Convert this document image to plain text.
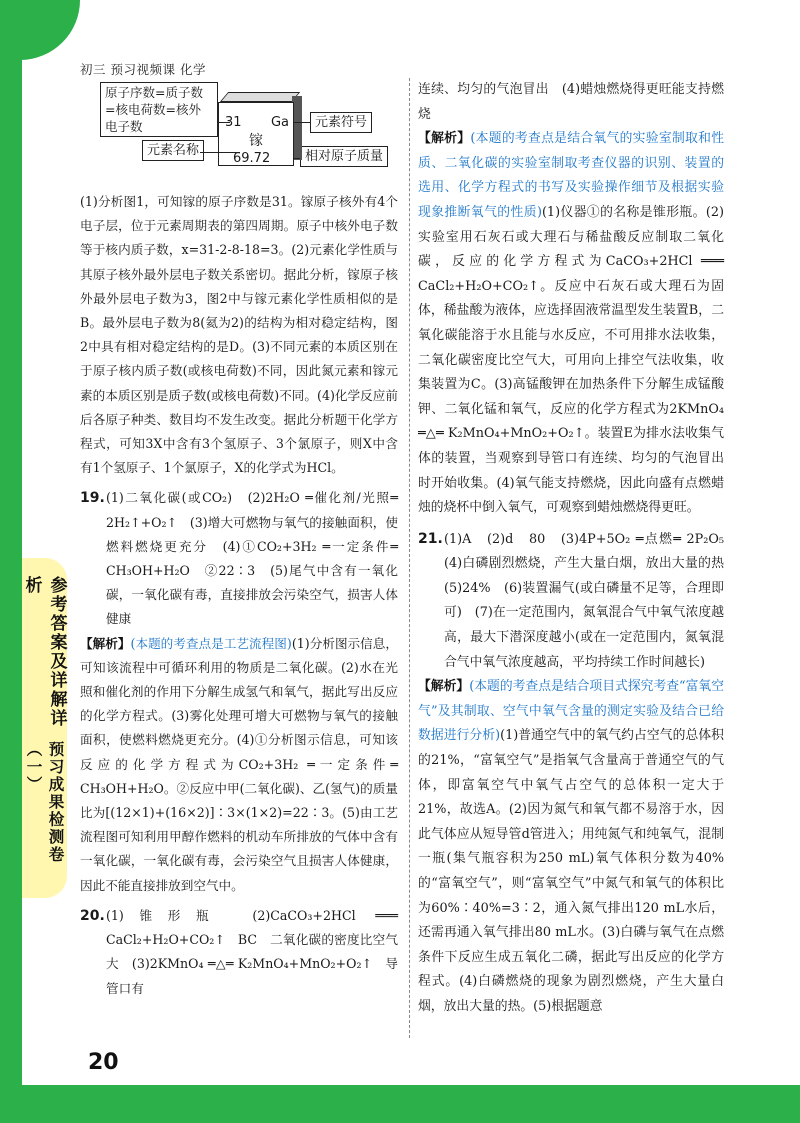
初三 预习视频课 化学
参考答案及详解详析
预习成果检测卷（一）
原子序数=质子数=核电荷数=核外电子数
元素名称
元素符号
相对原子质量
31 Ga
镓
69.72

(1)分析图1，可知镓的原子序数是31。镓原子核外有4个电子层，位于元素周期表的第四周期。原子中核外电子数等于核内质子数，x=31-2-8-18=3。(2)元素化学性质与其原子核外最外层电子数关系密切。据此分析，镓原子核外最外层电子数为3，图2中与镓元素化学性质相似的是B。最外层电子数为8(氦为2)的结构为相对稳定结构，图2中具有相对稳定结构的是D。(3)不同元素的本质区别在于原子核内质子数(或核电荷数)不同，因此氮元素和镓元素的本质区别是质子数(或核电荷数)不同。(4)化学反应前后各原子种类、数目均不发生改变。据此分析题干化学方程式，可知3X中含有3个氢原子、3个氯原子，则X中含有1个氢原子、1个氯原子，X的化学式为HCl。

19.(1)二氧化碳(或CO₂)　(2)2H₂O ═催化剂/光照═ 2H₂↑+O₂↑　(3)增大可燃物与氧气的接触面积，使燃料燃烧更充分　(4)①CO₂+3H₂ ═一定条件═ CH₃OH+H₂O　②22∶3　(5)尾气中含有一氧化碳，一氧化碳有毒，直接排放会污染空气，损害人体健康

【解析】(本题的考查点是工艺流程图)(1)分析图示信息，可知该流程中可循环利用的物质是二氧化碳。(2)水在光照和催化剂的作用下分解生成氢气和氧气，据此写出反应的化学方程式。(3)雾化处理可增大可燃物与氧气的接触面积，使燃料燃烧更充分。(4)①分析图示信息，可知该反应的化学方程式为CO₂+3H₂ ═一定条件═ CH₃OH+H₂O。②反应中甲(二氧化碳)、乙(氢气)的质量比为[(12×1)+(16×2)]∶3×(1×2)=22∶3。(5)由工艺流程图可知利用甲醇作燃料的机动车所排放的气体中含有一氧化碳，一氧化碳有毒，会污染空气且损害人体健康，因此不能直接排放到空气中。

20.(1)锥形瓶　(2)CaCO₃+2HCl ═══ CaCl₂+H₂O+CO₂↑　BC　二氧化碳的密度比空气大　(3)2KMnO₄ ═△═ K₂MnO₄+MnO₂+O₂↑　导管口有

连续、均匀的气泡冒出　(4)蜡烛燃烧得更旺能支持燃烧

【解析】(本题的考查点是结合氧气的实验室制取和性质、二氧化碳的实验室制取考查仪器的识别、装置的选用、化学方程式的书写及实验操作细节及根据实验现象推断氧气的性质)(1)仪器①的名称是锥形瓶。(2)实验室用石灰石或大理石与稀盐酸反应制取二氧化碳，反应的化学方程式为CaCO₃+2HCl ═══ CaCl₂+H₂O+CO₂↑。反应中石灰石或大理石为固体，稀盐酸为液体，应选择固液常温型发生装置B，二氧化碳能溶于水且能与水反应，不可用排水法收集，二氧化碳密度比空气大，可用向上排空气法收集，收集装置为C。(3)高锰酸钾在加热条件下分解生成锰酸钾、二氧化锰和氧气，反应的化学方程式为2KMnO₄ ═△═ K₂MnO₄+MnO₂+O₂↑。装置E为排水法收集气体的装置，当观察到导管口有连续、均匀的气泡冒出时开始收集。(4)氧气能支持燃烧，因此向盛有点燃蜡烛的烧杯中倒入氧气，可观察到蜡烛燃烧得更旺。

21.(1)A　(2)d　80　(3)4P+5O₂ ═点燃═ 2P₂O₅　(4)白磷剧烈燃烧，产生大量白烟，放出大量的热　(5)24%　(6)装置漏气(或白磷量不足等，合理即可)　(7)在一定范围内，氮氧混合气中氧气浓度越高，最大下潜深度越小(或在一定范围内，氮氧混合气中氧气浓度越高，平均持续工作时间越长)

【解析】(本题的考查点是结合项目式探究考查“富氧空气”及其制取、空气中氧气含量的测定实验及结合已给数据进行分析)(1)普通空气中的氧气约占空气的总体积的21%，“富氧空气”是指氧气含量高于普通空气的气体，即富氧空气中氧气占空气的总体积一定大于21%，故选A。(2)因为氮气和氧气都不易溶于水，因此气体应从短导管d管进入；用纯氮气和纯氧气，混制一瓶(集气瓶容积为250 mL)氧气体积分数为40%的“富氧空气”，则“富氧空气”中氮气和氧气的体积比为60%∶40%=3∶2，通入氮气排出120 mL水后，还需再通入氧气排出80 mL水。(3)白磷与氧气在点燃条件下反应生成五氧化二磷，据此写出反应的化学方程式。(4)白磷燃烧的现象为剧烈燃烧，产生大量白烟，放出大量的热。(5)根据题意

20
